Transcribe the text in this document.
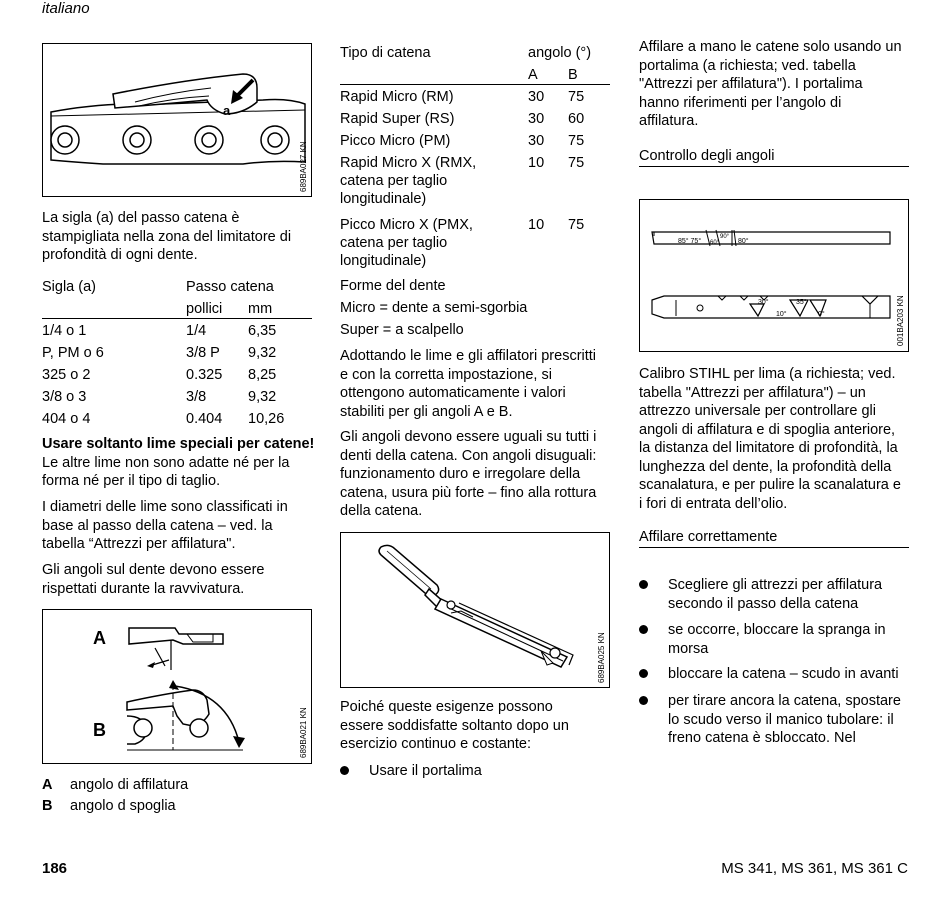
italiano
a
689BA027 KN

La sigla (a) del passo catena è

stampigliata nella zona del limitatore di

profondità di ogni dente.

Sigla (a)	Passo catena	
	pollici	mm
1/4 o 1	1/4	6,35
P, PM o 6	3/8 P	9,32
325 o 2	0.325	8,25
3/8 o 3	3/8	9,32
404 o 4	0.404	10,26

Usare soltanto lime speciali per catene!

Le altre lime non sono adatte né per la

forma né per il tipo di taglio.

I diametri delle lime sono classificati in

base al passo della catena – ved. la

tabella “Attrezzi per affilatura".

Gli angoli sul dente devono essere

rispettati durante la ravvivatura.

A
B	689BA021 KN
A angolo di affilatura
B angolo d spoglia
Tipo di catena	angolo (°)	
	A	B
Rapid Micro (RM)	30	75
Rapid Super (RS)	30	60
Picco Micro (PM)	30	75

Rapid Micro X (RMX,
catena per taglio
longitudinale)	10	75

Picco Micro X (PMX,
catena per taglio
longitudinale)	10	75
Forme del dente
Micro = dente a semi-sgorbia
Super = a scalpello

Adottando le lime e gli affilatori prescritti

e con la corretta impostazione, si

ottengono automaticamente i valori

stabiliti per gli angoli A e B.

Gli angoli devono essere uguali su tutti i

denti della catena. Con angoli disuguali:

funzionamento duro e irregolare della

catena, usura più forte – fino alla rottura

della catena.

689BA025 KN

Poiché queste esigenze possono

essere soddisfatte soltanto dopo un

esercizio continuo e costante:

Usare il portalima

Affilare a mano le catene solo usando un

portalima (a richiesta; ved. tabella

"Attrezzi per affilatura"). I portalima

hanno riferimenti per l’angolo di

affilatura.

Controllo degli angoli
85° 75° 60°
90°
80°
30°
10°
35°
0°	001BA203 KN

Calibro STIHL per lima (a richiesta; ved.

tabella "Attrezzi per affilatura") – un

attrezzo universale per controllare gli

angoli di affilatura e di spoglia anteriore,

la distanza del limitatore di profondità, la

lunghezza del dente, la profondità della

scanalatura, e per pulire la scanalatura e

i fori di entrata dell’olio.

Affilare correttamente
Scegliere gli attrezzi per affilatura
secondo il passo della catena
se occorre, bloccare la spranga in
morsa
bloccare la catena – scudo in avanti
per tirare ancora la catena, spostare
lo scudo verso il manico tubolare: il
freno catena è sbloccato. Nel
186	MS 341, MS 361, MS 361 C
